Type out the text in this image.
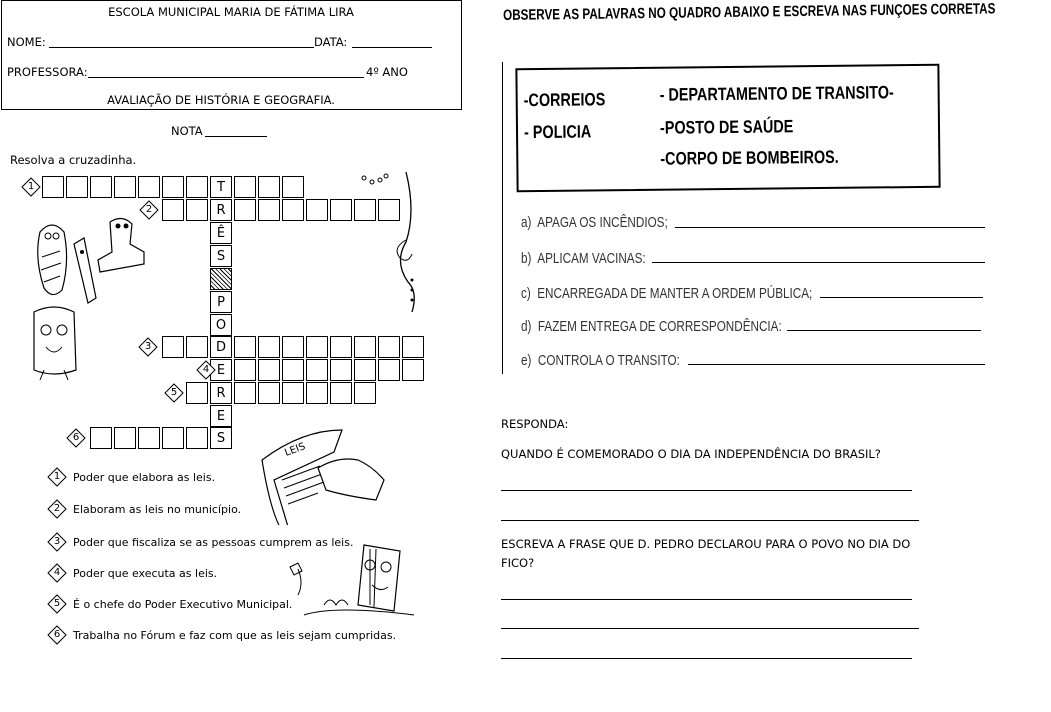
ESCOLA MUNICIPAL MARIA DE FÁTIMA LIRA
NOME:	DATA:
PROFESSORA:	4º ANO
AVALIAÇÃO DE HISTÓRIA E GEOGRAFIA.
NOTA
Resolva a cruzadinha.
T
R
Ê
S
P
O
D
E
R
E
S
1
2
3
4
5
6
LEIS
1	Poder que elabora as leis.
2	Elaboram as leis no município.
3	Poder que fiscaliza se as pessoas cumprem as leis.
4	Poder que executa as leis.
5	É o chefe do Poder Executivo Municipal.
6	Trabalha no Fórum e faz com que as leis sejam cumpridas.
OBSERVE AS PALAVRAS NO QUADRO ABAIXO E ESCREVA NAS FUNÇOES CORRETAS
-CORREIOS
- POLICIA
- DEPARTAMENTO DE TRANSITO-
-POSTO DE SAÚDE
-CORPO DE BOMBEIROS.
a) APAGA OS INCÊNDIOS;
b) APLICAM VACINAS:
c) ENCARREGADA DE MANTER A ORDEM PÚBLICA;
d) FAZEM ENTREGA DE CORRESPONDÊNCIA:
e) CONTROLA O TRANSITO:
RESPONDA:
QUANDO É COMEMORADO O DIA DA INDEPENDÊNCIA DO BRASIL?
ESCREVA A FRASE QUE D. PEDRO DECLAROU PARA O POVO NO DIA DO
FICO?
